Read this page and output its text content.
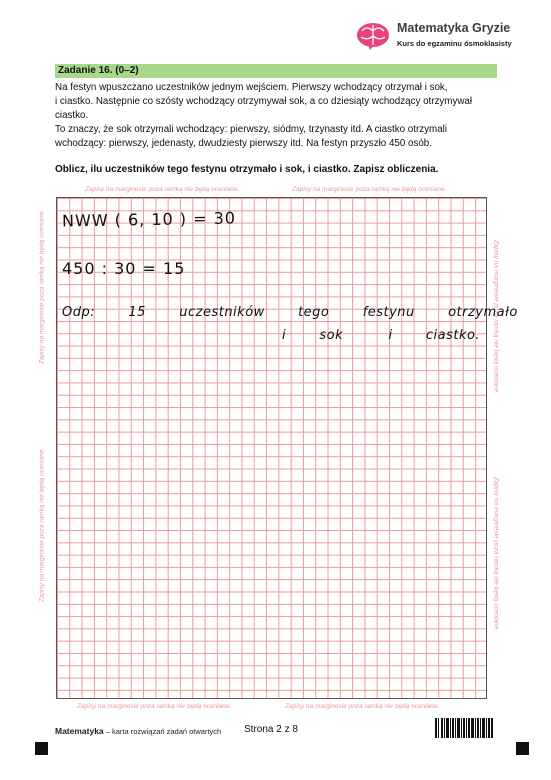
Matematyka Gryzie
Kurs do egzaminu ósmoklasisty
Zadanie 16. (0–2)
Na festyn wpuszczano uczestników jednym wejściem. Pierwszy wchodzący otrzymał i sok,
i ciastko. Następnie co szósty wchodzący otrzymywał sok, a co dziesiąty wchodzący otrzymywał
ciastko.
To znaczy, że sok otrzymali wchodzący: pierwszy, siódmy, trzynasty itd. A ciastko otrzymali
wchodzący: pierwszy, jedenasty, dwudziesty pierwszy itd. Na festyn przyszło 450 osób.
Oblicz, ilu uczestników tego festynu otrzymało i sok, i ciastko. Zapisz obliczenia.
Zapisy na marginesie poza ramką nie będą oceniane.	Zapisy na marginesie poza ramką nie będą oceniane.
Zapisy na marginesie poza ramką nie będą oceniane.
Zapisy na marginesie poza ramką nie będą oceniane.
Zapisy na marginesie poza ramką nie będą oceniane.
Zapisy na marginesie poza ramką nie będą oceniane.
Zapisy na marginesie poza ramką nie będą oceniane.	Zapisy na marginesie poza ramką nie będą oceniane.
NWW ( 6, 10 ) = 30
450 : 30 = 15
Odp:	15	uczestników	tego	festynu	otrzymało
i	sok	i	ciastko.
Matematyka – karta rozwiązań zadań otwartych Strona 2 z 8
